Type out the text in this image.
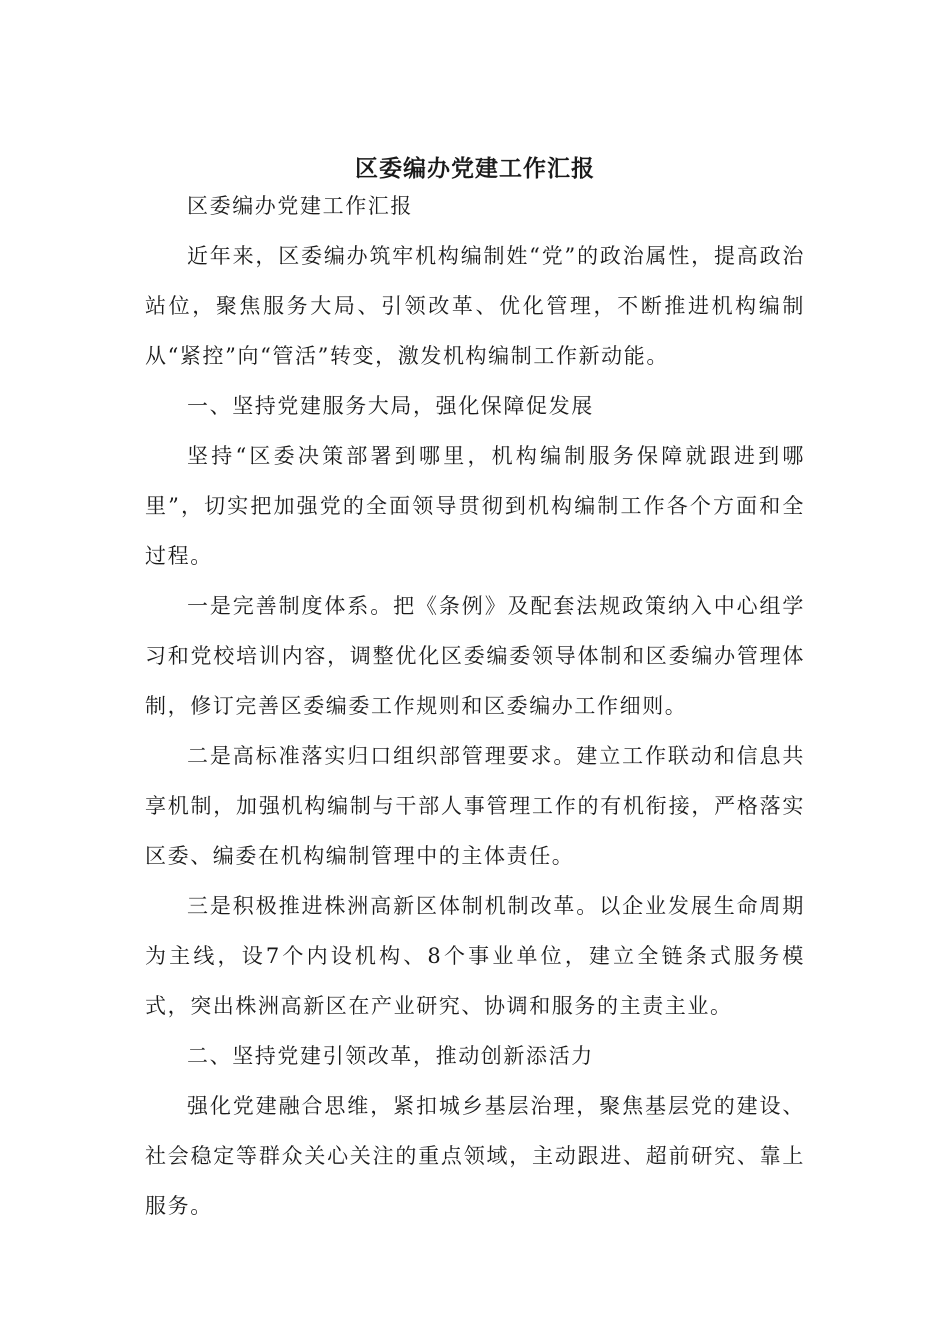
区委编办党建工作汇报

区委编办党建工作汇报

近年来，区委编办筑牢机构编制姓“党”的政治属性，提高政治站位，聚焦服务大局、引领改革、优化管理，不断推进机构编制从“紧控”向“管活”转变，激发机构编制工作新动能。

一、坚持党建服务大局，强化保障促发展

坚持“区委决策部署到哪里，机构编制服务保障就跟进到哪里”，切实把加强党的全面领导贯彻到机构编制工作各个方面和全过程。

一是完善制度体系。把《条例》及配套法规政策纳入中心组学习和党校培训内容，调整优化区委编委领导体制和区委编办管理体制，修订完善区委编委工作规则和区委编办工作细则。

二是高标准落实归口组织部管理要求。建立工作联动和信息共享机制，加强机构编制与干部人事管理工作的有机衔接，严格落实区委、编委在机构编制管理中的主体责任。

三是积极推进株洲高新区体制机制改革。以企业发展生命周期为主线，设7个内设机构、8个事业单位，建立全链条式服务模式，突出株洲高新区在产业研究、协调和服务的主责主业。

二、坚持党建引领改革，推动创新添活力

强化党建融合思维，紧扣城乡基层治理，聚焦基层党的建设、社会稳定等群众关心关注的重点领域，主动跟进、超前研究、靠上服务。
